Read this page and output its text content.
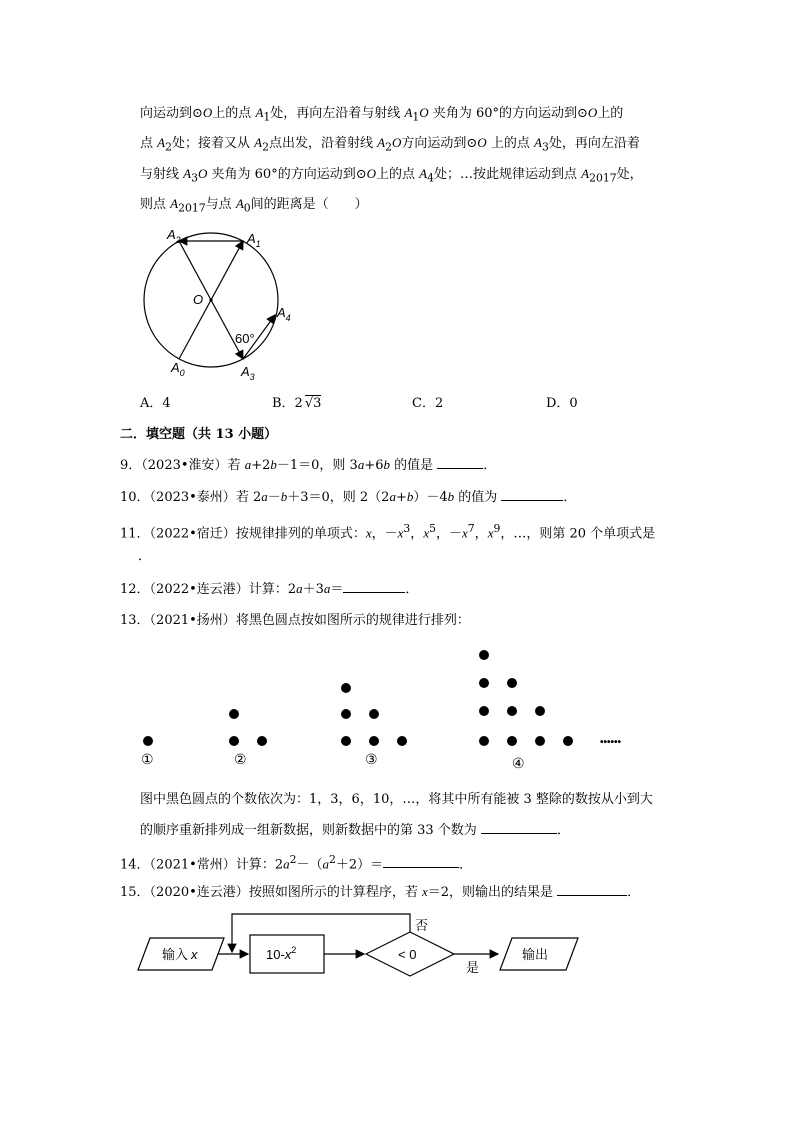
向运动到⊙O上的点 $A_1$处，再向左沿着与射线 $A_1O$ 夹角为 60°的方向运动到⊙O上的
点 $A_2$处；接着又从 $A_2$点出发，沿着射线 $A_2O$方向运动到⊙O 上的点 $A_3$处，再向左沿着
与射线 $A_3O$ 夹角为 60°的方向运动到⊙O上的点 $A_4$处；…按此规律运动到点 $A_{2017}$处，
则点 $A_{2017}$与点 $A_0$间的距离是（　　）
$A_2$	$A_1$
O
$A_4$
60°
$A_0$	$A_3$
A．4	B．2 √3	C．2	D．0
二．填空题（共 13 小题）
9．（2023•淮安）若 a+2b－1＝0，则 3a+6b 的值是	．
10．（2023•泰州）若 2a－b＋3＝0，则 2（2a+b）－4b 的值为	．
11．（2022•宿迁）按规律排列的单项式：x，$-x^3$，$x^5$，$-x^7$，$x^9$，…，则第 20 个单项式是
．
12．（2022•连云港）计算：2a＋3a＝	．
13．（2021•扬州）将黑色圆点按如图所示的规律进行排列：
••••••
①	②	③	④
图中黑色圆点的个数依次为：1，3，6，10，…，将其中所有能被 3 整除的数按从小到大
的顺序重新排列成一组新数据，则新数据中的第 33 个数为	．
14．（2021•常州）计算：$2a^2-(a^2+2)=$	．
15．（2020•连云港）按照如图所示的计算程序，若 x＝2，则输出的结果是	．
输入 x	$10-x^2$	< 0
否
是
输出
